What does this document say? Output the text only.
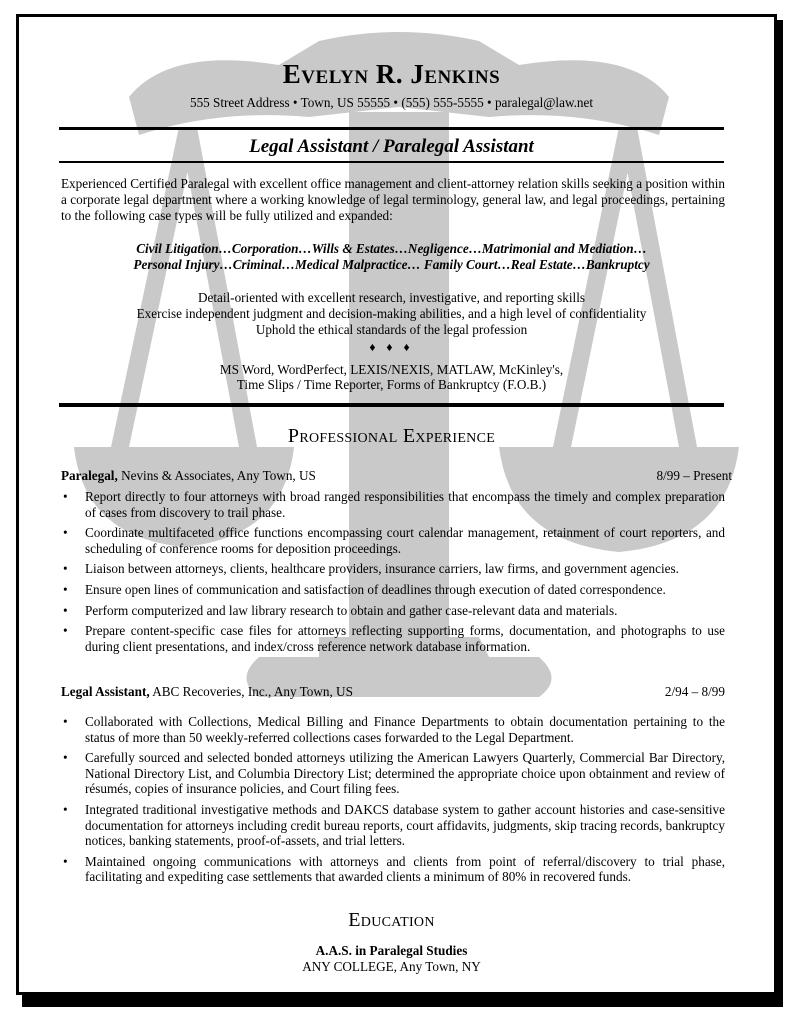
Evelyn R. Jenkins
555 Street Address • Town, US 55555 • (555) 555-5555 • paralegal@law.net
Legal Assistant / Paralegal Assistant

Experienced Certified Paralegal with excellent office management and client-attorney relation skills seeking a position within a corporate legal department where a working knowledge of legal terminology, general law, and legal proceedings, pertaining to the following case types will be fully utilized and expanded:

Civil Litigation…Corporation…Wills & Estates…Negligence…Matrimonial and Mediation…
Personal Injury…Criminal…Medical Malpractice… Family Court…Real Estate…Bankruptcy
Detail-oriented with excellent research, investigative, and reporting skills
Exercise independent judgment and decision-making abilities, and a high level of confidentiality
Uphold the ethical standards of the legal profession
♦ ♦ ♦
MS Word, WordPerfect, LEXIS/NEXIS, MATLAW, McKinley's,
Time Slips / Time Reporter, Forms of Bankruptcy (F.O.B.)
Professional Experience
Paralegal, Nevins & Associates, Any Town, US	8/99 – Present
• Report directly to four attorneys with broad ranged responsibilities that encompass the timely and complex preparation of cases from discovery to trail phase.
• Coordinate multifaceted office functions encompassing court calendar management, retainment of court reporters, and scheduling of conference rooms for deposition proceedings.
• Liaison between attorneys, clients, healthcare providers, insurance carriers, law firms, and government agencies.
• Ensure open lines of communication and satisfaction of deadlines through execution of dated correspondence.
• Perform computerized and law library research to obtain and gather case-relevant data and materials.
• Prepare content-specific case files for attorneys reflecting supporting forms, documentation, and photographs to use during client presentations, and index/cross reference network database information.
Legal Assistant, ABC Recoveries, Inc., Any Town, US	2/94 – 8/99
• Collaborated with Collections, Medical Billing and Finance Departments to obtain documentation pertaining to the status of more than 50 weekly-referred collections cases forwarded to the Legal Department.
• Carefully sourced and selected bonded attorneys utilizing the American Lawyers Quarterly, Commercial Bar Directory, National Directory List, and Columbia Directory List; determined the appropriate choice upon obtainment and review of résumés, copies of insurance policies, and Court filing fees.
• Integrated traditional investigative methods and DAKCS database system to gather account histories and case-sensitive documentation for attorneys including credit bureau reports, court affidavits, judgments, skip tracing records, bankruptcy notices, banking statements, proof-of-assets, and trial letters.
• Maintained ongoing communications with attorneys and clients from point of referral/discovery to trial phase, facilitating and expediting case settlements that awarded clients a minimum of 80% in recovered funds.
Education
A.A.S. in Paralegal Studies
ANY COLLEGE, Any Town, NY
